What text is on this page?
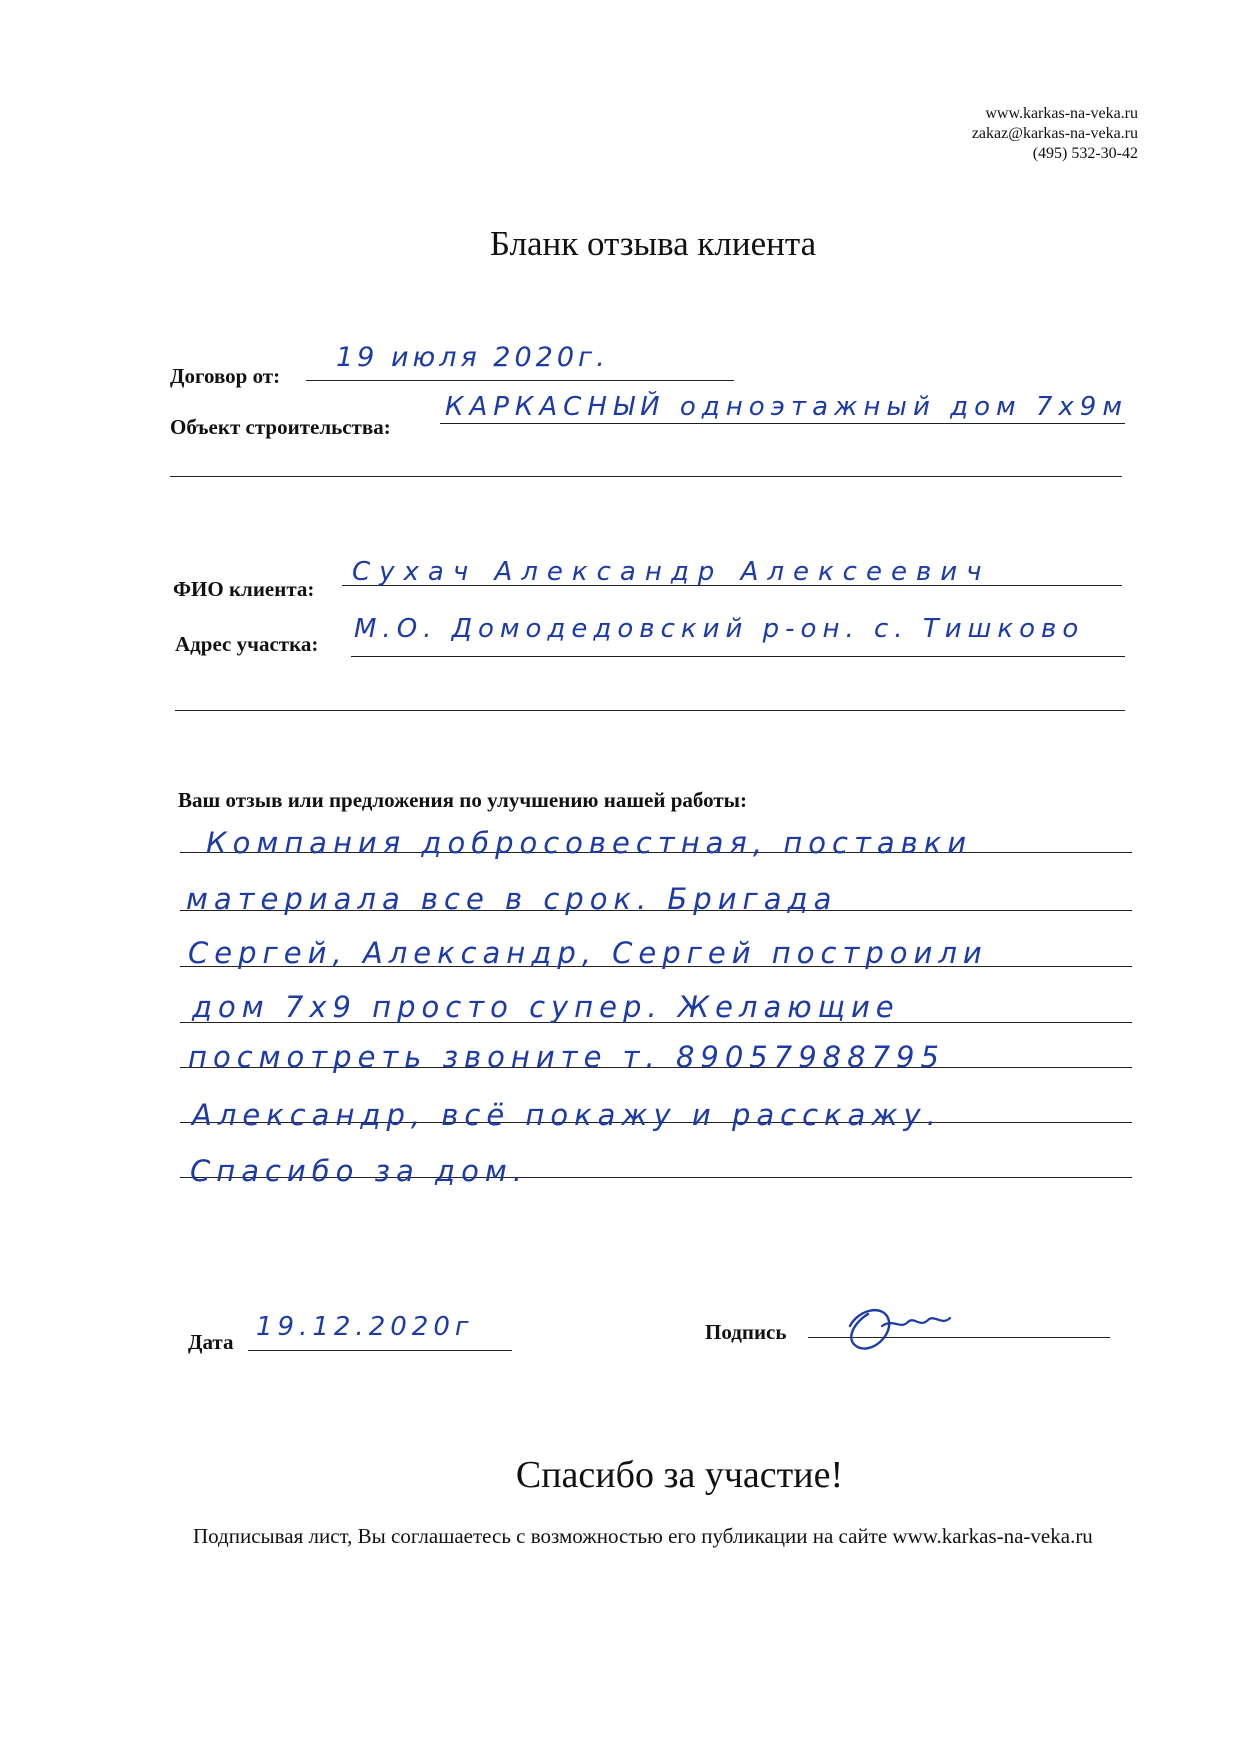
www.karkas-na-veka.ru
zakaz@karkas-na-veka.ru
(495) 532-30-42
Бланк отзыва клиента
Договор от:
19 июля 2020г.
Объект строительства:
КАРКАСНЫЙ одноэтажный дом 7х9м
ФИО клиента:
Сухач Александр Алексеевич
Адрес участка: М.О. Домодедовский р-он. с. Тишково
Ваш отзыв или предложения по улучшению нашей работы:
Компания добросовестная, поставки
материала все в срок. Бригада
Сергей, Александр, Сергей построили
дом 7х9 просто супер. Желающие
посмотреть звоните т. 89057988795
Александр, всё покажу и расскажу.
Спасибо за дом.
Дата 19.12.2020г	Подпись
Спасибо за участие!
Подписывая лист, Вы соглашаетесь с возможностью его публикации на сайте www.karkas-na-veka.ru
